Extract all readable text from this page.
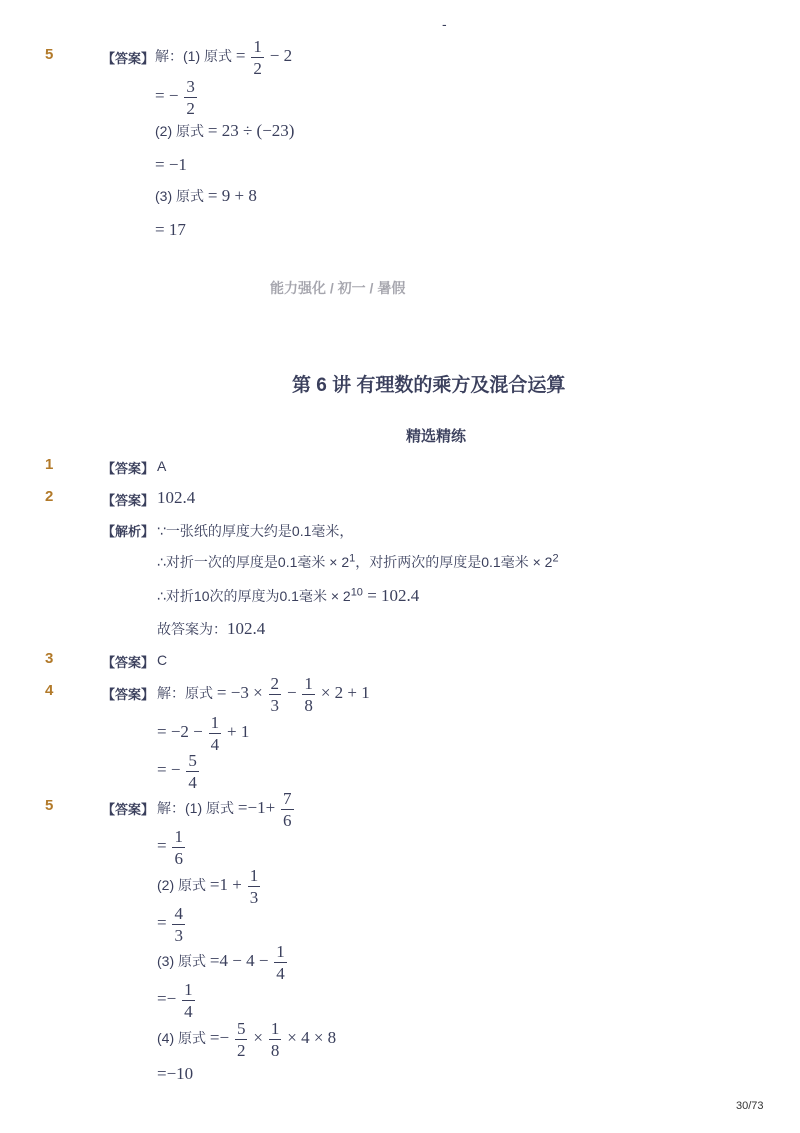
-
5	【答案】 解：(1) 原式 = $\frac{1}{2} - 2$
= − $\frac{3}{2}$
(2) 原式 = 23 ÷ (−23)
= −1
(3) 原式 = 9 + 8
= 17
能力强化 / 初一 / 暑假
第 6 讲 有理数的乘方及混合运算
精选精练
1	【答案】 A
2	【答案】 102.4
【解析】 ∵一张纸的厚度大约是0.1毫米，
∴对折一次的厚度是0.1毫米 × $2^1$，对折两次的厚度是0.1毫米 × $2^2$
∴对折10次的厚度为0.1毫米 × $2^{10} = 102.4$
故答案为：102.4
3	【答案】 C
4	【答案】 解：原式 = $-3 \times \frac{2}{3} - \frac{1}{8} \times 2 + 1$
= $-2 - \frac{1}{4} + 1$
= − $\frac{5}{4}$
5	【答案】 解：(1) 原式 $=-1+ \frac{7}{6}$
= $\frac{1}{6}$
(2) 原式 $=1 + \frac{1}{3}$
= $\frac{4}{3}$
(3) 原式 $=4 - 4 - \frac{1}{4}$
=− $\frac{1}{4}$
(4) 原式 =− $\frac{5}{2} \times \frac{1}{8} \times 4 \times 8$
=−10
30/73
